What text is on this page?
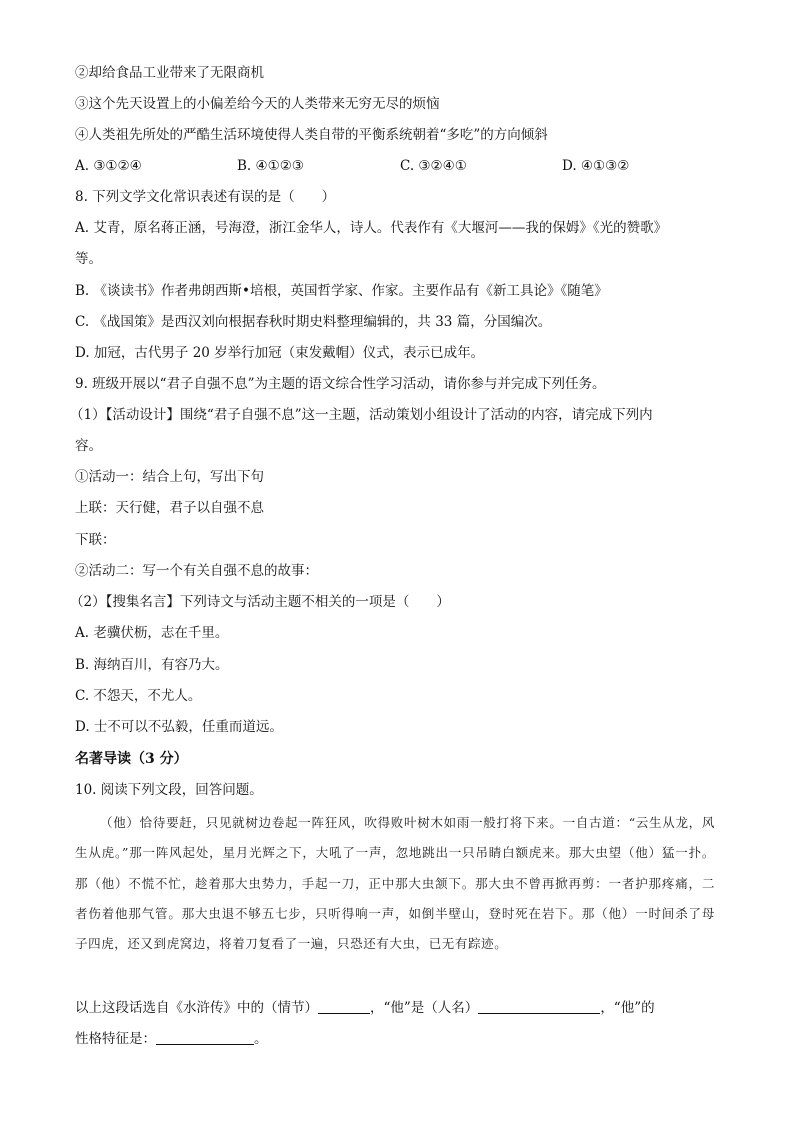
②却给食品工业带来了无限商机
③这个先天设置上的小偏差给今天的人类带来无穷无尽的烦恼
④人类祖先所处的严酷生活环境使得人类自带的平衡系统朝着“多吃”的方向倾斜
A. ③①②④	B. ④①②③	C. ③②④①	D. ④①③②
8. 下列文学文化常识表述有误的是（　　）
A. 艾青，原名蒋正涵，号海澄，浙江金华人，诗人。代表作有《大堰河——我的保姆》《光的赞歌》
等。
B. 《谈读书》作者弗朗西斯•培根，英国哲学家、作家。主要作品有《新工具论》《随笔》
C. 《战国策》是西汉刘向根据春秋时期史料整理编辑的，共 33 篇，分国编次。
D. 加冠，古代男子 20 岁举行加冠（束发戴帽）仪式，表示已成年。
9. 班级开展以“君子自强不息”为主题的语文综合性学习活动，请你参与并完成下列任务。
（1）【活动设计】围绕“君子自强不息”这一主题，活动策划小组设计了活动的内容，请完成下列内
容。
①活动一：结合上句，写出下句
上联：天行健，君子以自强不息
下联：
②活动二：写一个有关自强不息的故事：
（2）【搜集名言】下列诗文与活动主题不相关的一项是（　　）
A. 老骥伏枥，志在千里。
B. 海纳百川，有容乃大。
C. 不怨天，不尤人。
D. 士不可以不弘毅，任重而道远。
名著导读（3 分）
10. 阅读下列文段，回答问题。

（他）恰待要赶，只见就树边卷起一阵狂风，吹得败叶树木如雨一般打将下来。一自古道：“云生从龙，风生从虎。”那一阵风起处，星月光辉之下，大吼了一声，忽地跳出一只吊睛白额虎来。那大虫望（他）猛一扑。那（他）不慌不忙，趁着那大虫势力，手起一刀，正中那大虫颔下。那大虫不曾再掀再剪：一者护那疼痛，二者伤着他那气管。那大虫退不够五七步，只听得响一声，如倒半壁山，登时死在岩下。那（他）一时间杀了母子四虎，还又到虎窝边，将着刀复看了一遍，只恐还有大虫，已无有踪迹。

以上这段话选自《水浒传》中的（情节）	，“他”是（人名）	，“他”的
性格特征是：	。
